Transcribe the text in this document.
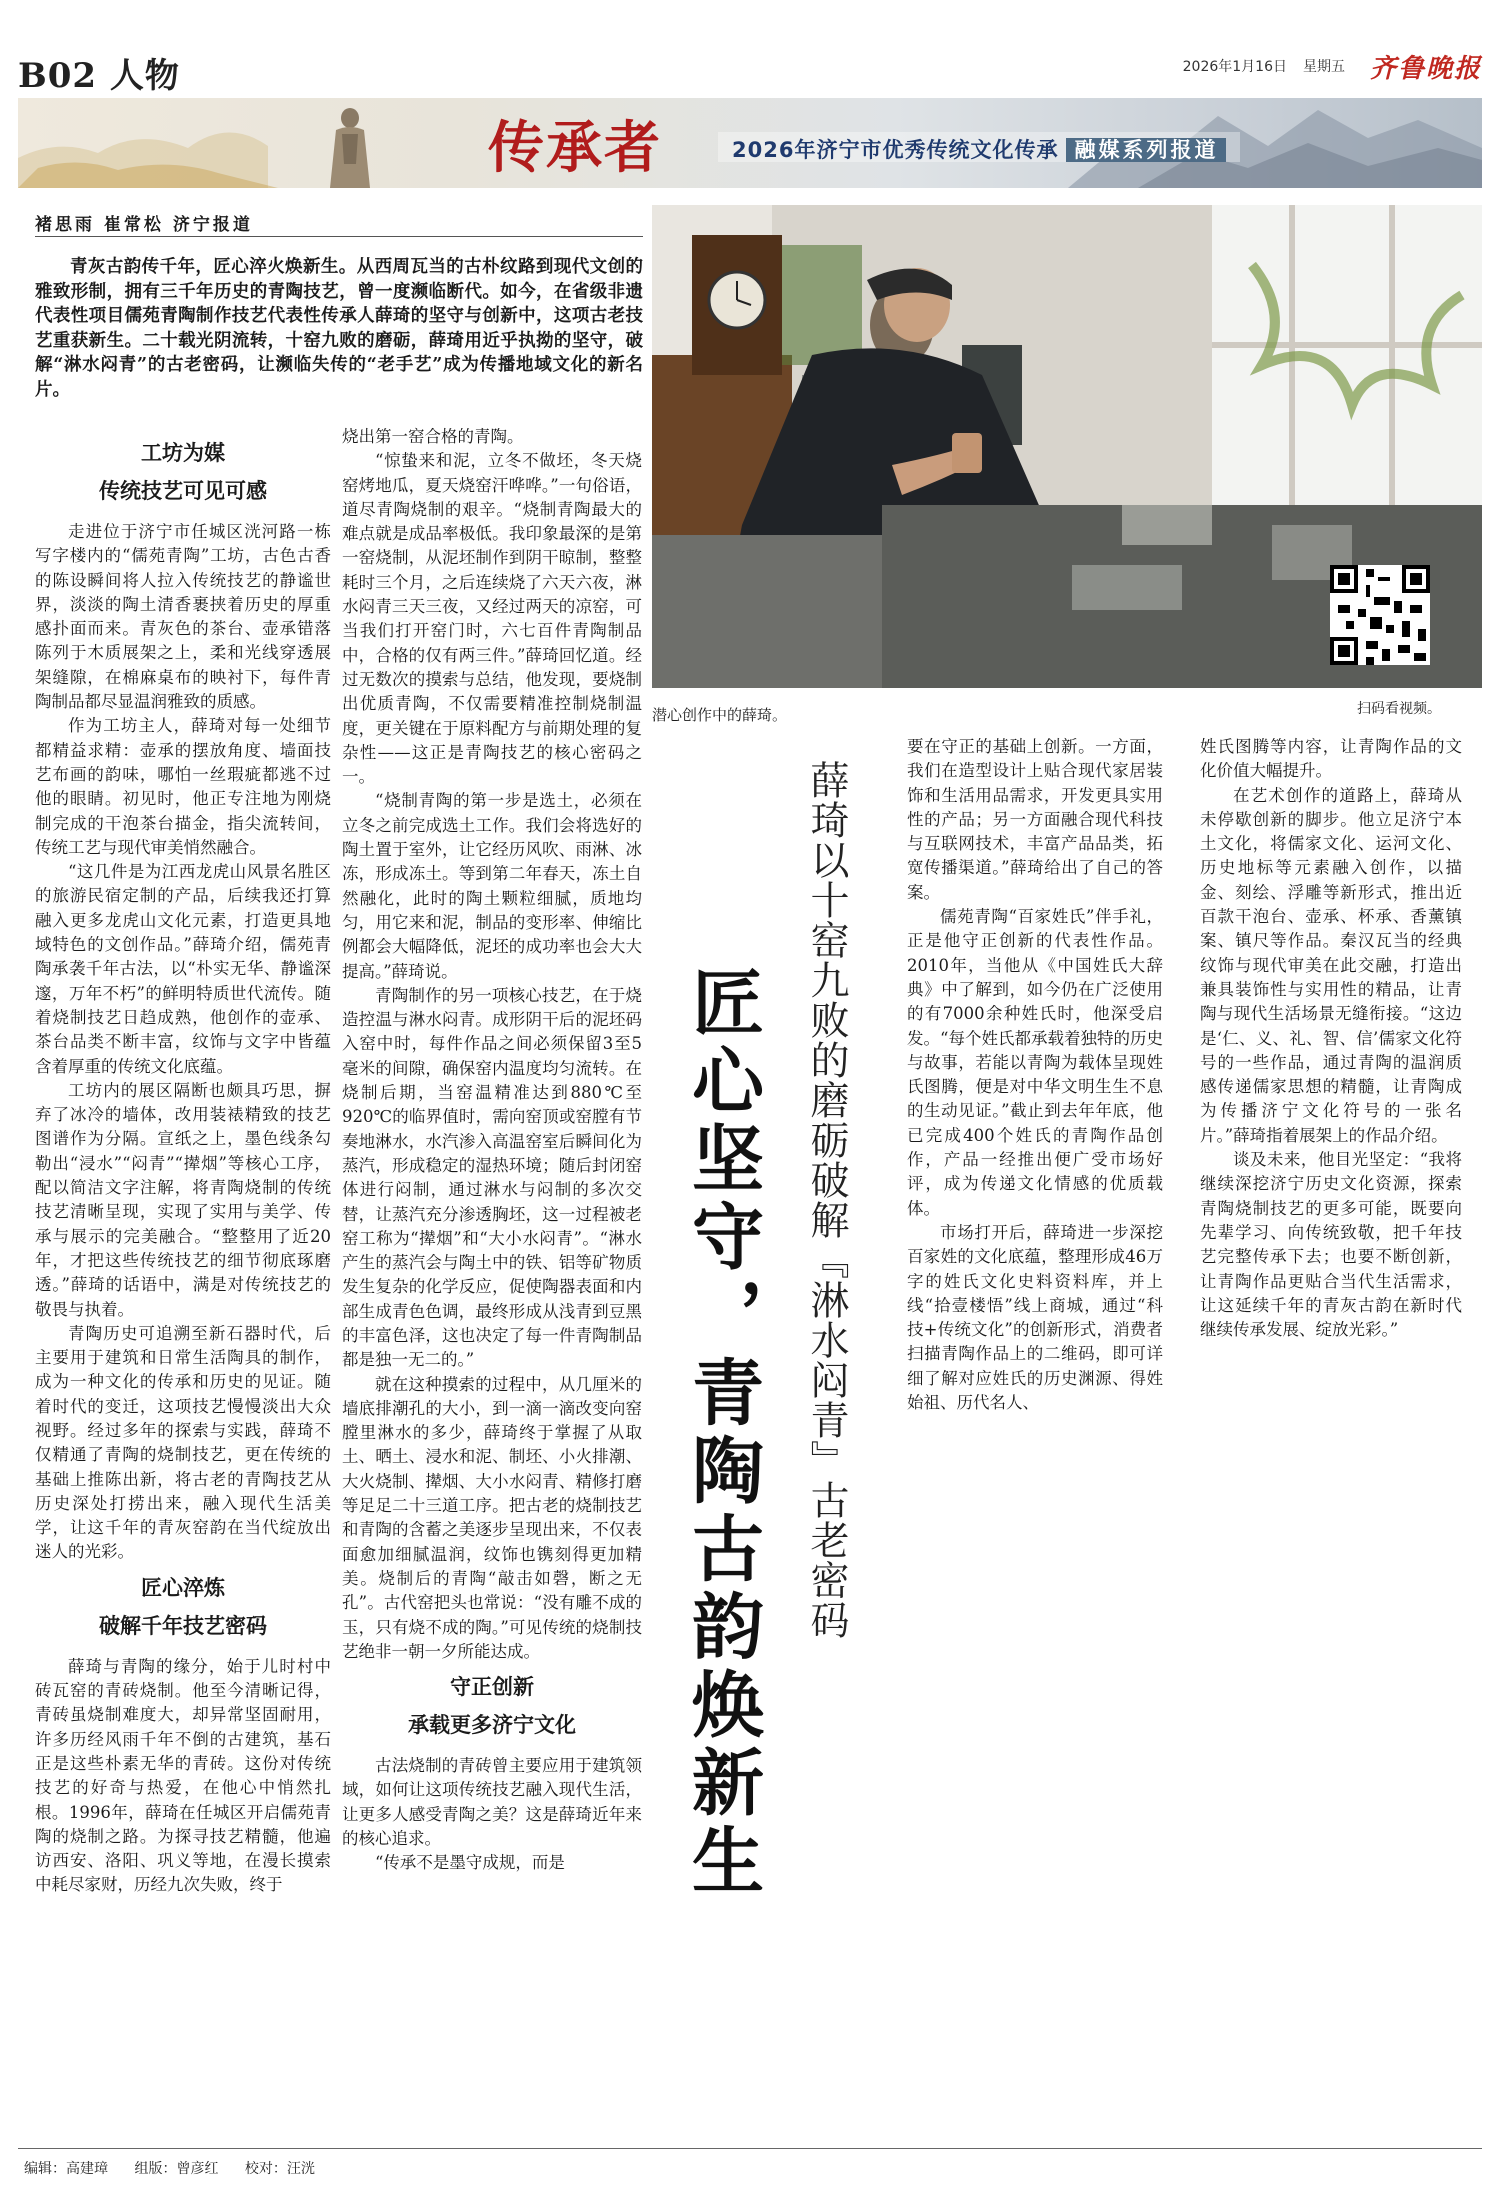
B02 人物	2026年1月16日 星期五 齐鲁晚报
传承者	2026年济宁市优秀传统文化传承 融媒系列报道
褚思雨 崔常松 济宁报道
青灰古韵传千年，匠心淬火焕新生。从西周瓦当的古朴纹路到现代文创的雅致形制，拥有三千年历史的青陶技艺，曾一度濒临断代。如今，在省级非遗代表性项目儒苑青陶制作技艺代表性传承人薛琦的坚守与创新中，这项古老技艺重获新生。二十载光阴流转，十窑九败的磨砺，薛琦用近乎执拗的坚守，破解“淋水闷青”的古老密码，让濒临失传的“老手艺”成为传播地域文化的新名片。
工坊为媒
传统技艺可见可感

走进位于济宁市任城区洸河路一栋写字楼内的“儒苑青陶”工坊，古色古香的陈设瞬间将人拉入传统技艺的静谧世界，淡淡的陶土清香裹挟着历史的厚重感扑面而来。青灰色的茶台、壶承错落陈列于木质展架之上，柔和光线穿透展架缝隙，在棉麻桌布的映衬下，每件青陶制品都尽显温润雅致的质感。

作为工坊主人，薛琦对每一处细节都精益求精：壶承的摆放角度、墙面技艺布画的韵味，哪怕一丝瑕疵都逃不过他的眼睛。初见时，他正专注地为刚烧制完成的干泡茶台描金，指尖流转间，传统工艺与现代审美悄然融合。

“这几件是为江西龙虎山风景名胜区的旅游民宿定制的产品，后续我还打算融入更多龙虎山文化元素，打造更具地域特色的文创作品。”薛琦介绍，儒苑青陶承袭千年古法，以“朴实无华、静谧深邃，万年不朽”的鲜明特质世代流传。随着烧制技艺日趋成熟，他创作的壶承、茶台品类不断丰富，纹饰与文字中皆蕴含着厚重的传统文化底蕴。

工坊内的展区隔断也颇具巧思，摒弃了冰冷的墙体，改用装裱精致的技艺图谱作为分隔。宣纸之上，墨色线条勾勒出“浸水”“闷青”“撵烟”等核心工序，配以简洁文字注解，将青陶烧制的传统技艺清晰呈现，实现了实用与美学、传承与展示的完美融合。“整整用了近20年，才把这些传统技艺的细节彻底琢磨透。”薛琦的话语中，满是对传统技艺的敬畏与执着。

青陶历史可追溯至新石器时代，后主要用于建筑和日常生活陶具的制作，成为一种文化的传承和历史的见证。随着时代的变迁，这项技艺慢慢淡出大众视野。经过多年的探索与实践，薛琦不仅精通了青陶的烧制技艺，更在传统的基础上推陈出新，将古老的青陶技艺从历史深处打捞出来，融入现代生活美学，让这千年的青灰窑韵在当代绽放出迷人的光彩。

匠心淬炼
破解千年技艺密码

薛琦与青陶的缘分，始于儿时村中砖瓦窑的青砖烧制。他至今清晰记得，青砖虽烧制难度大，却异常坚固耐用，许多历经风雨千年不倒的古建筑，基石正是这些朴素无华的青砖。这份对传统技艺的好奇与热爱，在他心中悄然扎根。1996年，薛琦在任城区开启儒苑青陶的烧制之路。为探寻技艺精髓，他遍访西安、洛阳、巩义等地，在漫长摸索中耗尽家财，历经九次失败，终于

烧出第一窑合格的青陶。

“惊蛰来和泥，立冬不做坯，冬天烧窑烤地瓜，夏天烧窑汗哗哗。”一句俗语，道尽青陶烧制的艰辛。“烧制青陶最大的难点就是成品率极低。我印象最深的是第一窑烧制，从泥坯制作到阴干晾制，整整耗时三个月，之后连续烧了六天六夜，淋水闷青三天三夜，又经过两天的凉窑，可当我们打开窑门时，六七百件青陶制品中，合格的仅有两三件。”薛琦回忆道。经过无数次的摸索与总结，他发现，要烧制出优质青陶，不仅需要精准控制烧制温度，更关键在于原料配方与前期处理的复杂性——这正是青陶技艺的核心密码之一。

“烧制青陶的第一步是选土，必须在立冬之前完成选土工作。我们会将选好的陶土置于室外，让它经历风吹、雨淋、冰冻，形成冻土。等到第二年春天，冻土自然融化，此时的陶土颗粒细腻，质地均匀，用它来和泥，制品的变形率、伸缩比例都会大幅降低，泥坯的成功率也会大大提高。”薛琦说。

青陶制作的另一项核心技艺，在于烧造控温与淋水闷青。成形阴干后的泥坯码入窑中时，每件作品之间必须保留3至5毫米的间隙，确保窑内温度均匀流转。在烧制后期，当窑温精准达到880℃至920℃的临界值时，需向窑顶或窑膛有节奏地淋水，水汽渗入高温窑室后瞬间化为蒸汽，形成稳定的湿热环境；随后封闭窑体进行闷制，通过淋水与闷制的多次交替，让蒸汽充分渗透胸坯，这一过程被老窑工称为“撵烟”和“大小水闷青”。“淋水产生的蒸汽会与陶土中的铁、铝等矿物质发生复杂的化学反应，促使陶器表面和内部生成青色色调，最终形成从浅青到豆黑的丰富色泽，这也决定了每一件青陶制品都是独一无二的。”

就在这种摸索的过程中，从几厘米的墙底排潮孔的大小，到一滴一滴改变向窑膛里淋水的多少，薛琦终于掌握了从取土、晒土、浸水和泥、制坯、小火排潮、大火烧制、撵烟、大小水闷青、精修打磨等足足二十三道工序。把古老的烧制技艺和青陶的含蓄之美逐步呈现出来，不仅表面愈加细腻温润，纹饰也镌刻得更加精美。烧制后的青陶“敲击如磬，断之无孔”。古代窑把头也常说：“没有雕不成的玉，只有烧不成的陶。”可见传统的烧制技艺绝非一朝一夕所能达成。

守正创新
承载更多济宁文化

古法烧制的青砖曾主要应用于建筑领域，如何让这项传统技艺融入现代生活，让更多人感受青陶之美？这是薛琦近年来的核心追求。

“传承不是墨守成规，而是

潜心创作中的薛琦。	扫码看视频。
匠心坚守，青陶古韵焕新生 薛琦以十窑九败的磨砺破解『淋水闷青』古老密码

要在守正的基础上创新。一方面，我们在造型设计上贴合现代家居装饰和生活用品需求，开发更具实用性的产品；另一方面融合现代科技与互联网技术，丰富产品品类，拓宽传播渠道。”薛琦给出了自己的答案。

儒苑青陶“百家姓氏”伴手礼，正是他守正创新的代表性作品。2010年，当他从《中国姓氏大辞典》中了解到，如今仍在广泛使用的有7000余种姓氏时，他深受启发。“每个姓氏都承载着独特的历史与故事，若能以青陶为载体呈现姓氏图腾，便是对中华文明生生不息的生动见证。”截止到去年年底，他已完成400个姓氏的青陶作品创作，产品一经推出便广受市场好评，成为传递文化情感的优质载体。

市场打开后，薛琦进一步深挖百家姓的文化底蕴，整理形成46万字的姓氏文化史料资料库，并上线“拾壹楼悟”线上商城，通过“科技+传统文化”的创新形式，消费者扫描青陶作品上的二维码，即可详细了解对应姓氏的历史渊源、得姓始祖、历代名人、

姓氏图腾等内容，让青陶作品的文化价值大幅提升。

在艺术创作的道路上，薛琦从未停歇创新的脚步。他立足济宁本土文化，将儒家文化、运河文化、历史地标等元素融入创作，以描金、刻绘、浮雕等新形式，推出近百款干泡台、壶承、杯承、香薰镇案、镇尺等作品。秦汉瓦当的经典纹饰与现代审美在此交融，打造出兼具装饰性与实用性的精品，让青陶与现代生活场景无缝衔接。“这边是‘仁、义、礼、智、信’儒家文化符号的一些作品，通过青陶的温润质感传递儒家思想的精髓，让青陶成为传播济宁文化符号的一张名片。”薛琦指着展架上的作品介绍。

谈及未来，他目光坚定：“我将继续深挖济宁历史文化资源，探索青陶烧制技艺的更多可能，既要向先辈学习、向传统致敬，把千年技艺完整传承下去；也要不断创新，让青陶作品更贴合当代生活需求，让这延续千年的青灰古韵在新时代继续传承发展、绽放光彩。”

编辑：高建璋 组版：曾彦红 校对：汪洸
